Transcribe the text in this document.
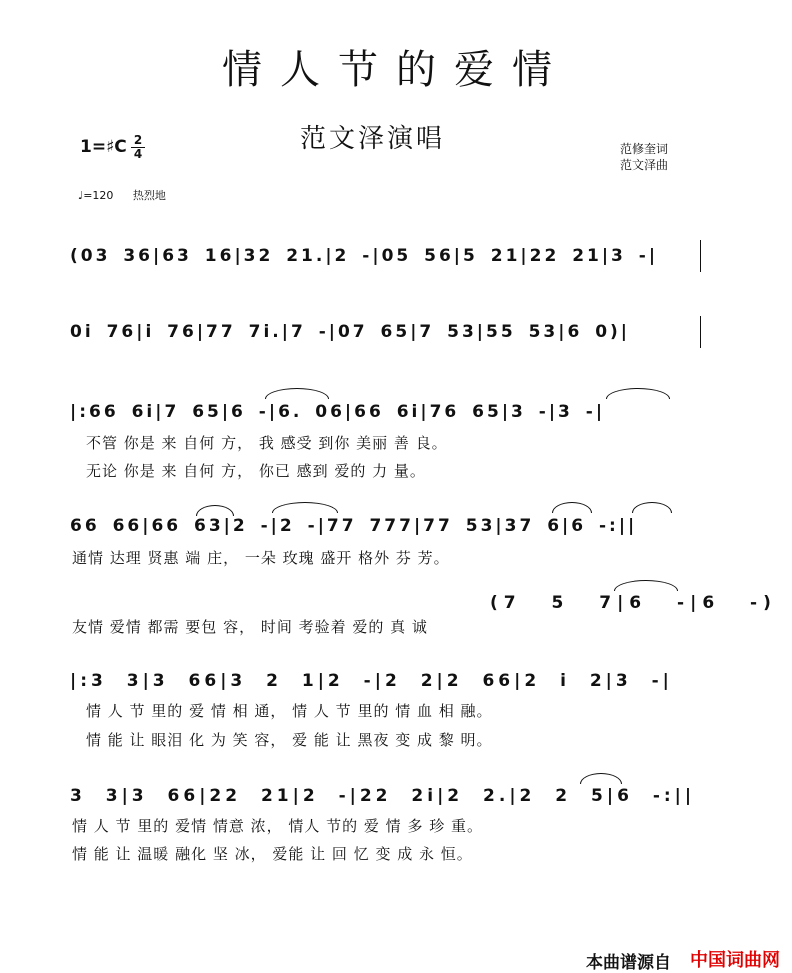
情人节的爱情
范文泽演唱
1=♯C 2
4	范修奎词
范文泽曲
♩=120 热烈地
(03 36|63 16|32 21.|2 -|05 56|5 21|22 21|3 -|
0i 76|i 76|77 7i.|7 -|07 65|7 53|55 53|6 0)|
|:66 6i|7 65|6 -|6. 06|66 6i|76 65|3 -|3 -|
不管 你是 来 自何 方， 我 感受 到你 美丽 善 良。
无论 你是 来 自何 方， 你已 感到 爱的 力 量。
66 66|66 63|2 -|2 -|77 777|77 53|37 6|6 -:||
通情 达理 贤惠 端 庄， 一朵 玫瑰 盛开 格外 芬 芳。
(7 5 7|6 -|6 -)
友情 爱情 都需 要包 容， 时间 考验着 爱的 真 诚
|:3 3|3 66|3 2 1|2 -|2 2|2 66|2 i 2|3 -|
情 人 节 里的 爱 情 相 通， 情 人 节 里的 情 血 相 融。
情 能 让 眼泪 化 为 笑 容， 爱 能 让 黑夜 变 成 黎 明。
3 3|3 66|22 21|2 -|22 2i|2 2.|2 2 5|6 -:||
情 人 节 里的 爱情 情意 浓， 情人 节的 爱 情 多 珍 重。
情 能 让 温暖 融化 坚 冰， 爱能 让 回 忆 变 成 永 恒。
本曲谱源自 中国词曲网
